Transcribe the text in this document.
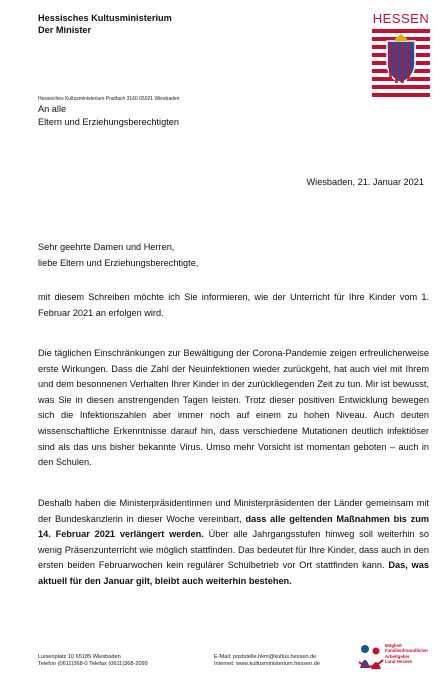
Hessisches Kultusministerium
Der Minister
HESSEN
Hessisches Kultusministerium Postfach 3160 65021 Wiesbaden
An alle
Eltern und Erziehungsberechtigten
Wiesbaden, 21. Januar 2021
Sehr geehrte Damen und Herren,
liebe Eltern und Erziehungsberechtigte,

mit diesem Schreiben möchte ich Sie informieren, wie der Unterricht für Ihre Kinder vom 1. Februar 2021 an erfolgen wird.

Die täglichen Einschränkungen zur Bewältigung der Corona-Pandemie zeigen erfreulicherweise erste Wirkungen. Dass die Zahl der Neuinfektionen wieder zurückgeht, hat auch viel mit Ihrem und dem besonnenen Verhalten Ihrer Kinder in der zurückliegenden Zeit zu tun. Mir ist bewusst, was Sie in diesen anstrengenden Tagen leisten. Trotz dieser positiven Entwicklung bewegen sich die Infektionszahlen aber immer noch auf einem zu hohen Niveau. Auch deuten wissenschaftliche Erkenntnisse darauf hin, dass verschiedene Mutationen deutlich infektiöser sind als das uns bisher bekannte Virus. Umso mehr Vorsicht ist momentan geboten – auch in den Schulen.

Deshalb haben die Ministerpräsidentinnen und Ministerpräsidenten der Länder gemeinsam mit der Bundeskanzlerin in dieser Woche vereinbart, dass alle geltenden Maßnahmen bis zum 14. Februar 2021 verlängert werden. Über alle Jahrgangsstufen hinweg soll weiterhin so wenig Präsenzunterricht wie möglich stattfinden. Das bedeutet für Ihre Kinder, dass auch in den ersten beiden Februarwochen kein regulärer Schulbetrieb vor Ort stattfinden kann. Das, was aktuell für den Januar gilt, bleibt auch weiterhin bestehen.

Luisenplatz 10 65185 Wiesbaden
Telefon (0611)368-0 Telefax (0611)368-2099
E-Mail: poststelle.hkm@kultus.hessen.de
Internet: www.kultusministerium.hessen.de
Mitglied
Familienfreundlicher
Arbeitgeber
Land Hessen
